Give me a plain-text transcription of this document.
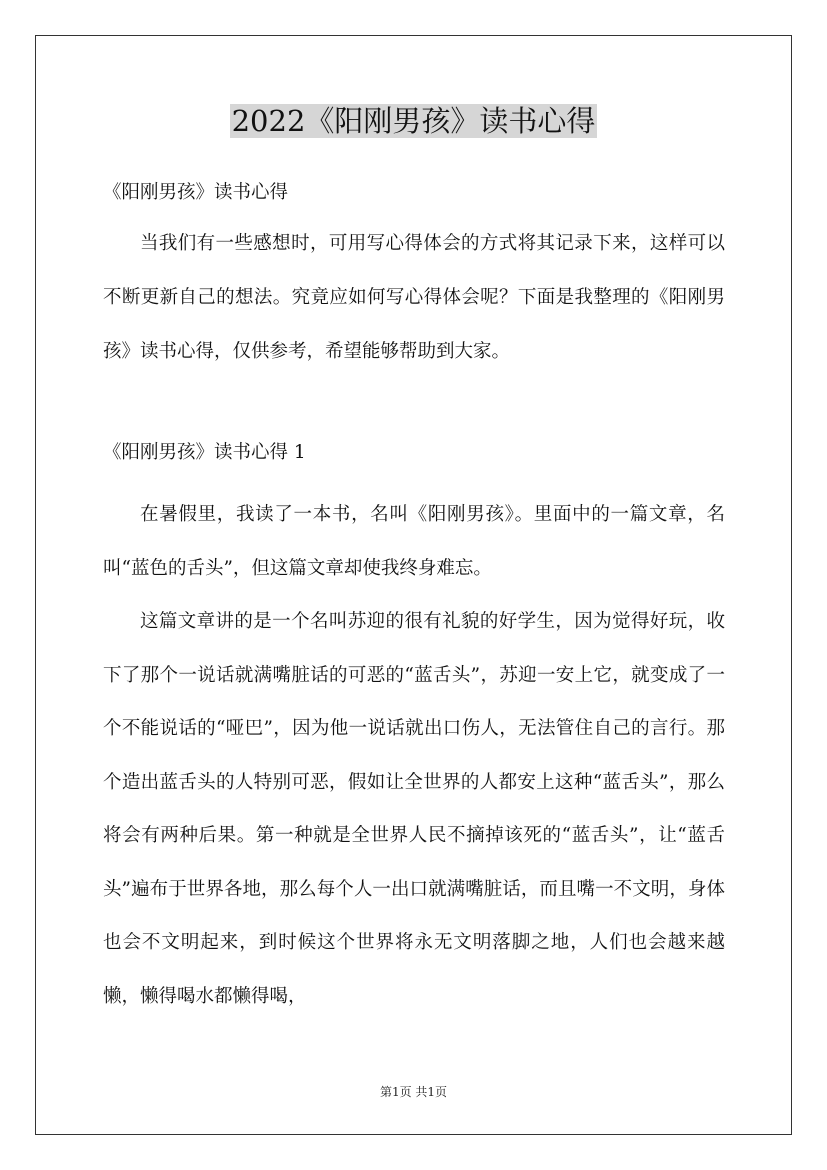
2022《阳刚男孩》读书心得

《阳刚男孩》读书心得

当我们有一些感想时，可用写心得体会的方式将其记录下来，这样可以不断更新自己的想法。究竟应如何写心得体会呢？下面是我整理的《阳刚男孩》读书心得，仅供参考，希望能够帮助到大家。

《阳刚男孩》读书心得 1

在暑假里，我读了一本书，名叫《阳刚男孩》。里面中的一篇文章，名叫“蓝色的舌头”，但这篇文章却使我终身难忘。

这篇文章讲的是一个名叫苏迎的很有礼貌的好学生，因为觉得好玩，收下了那个一说话就满嘴脏话的可恶的“蓝舌头”，苏迎一安上它，就变成了一个不能说话的“哑巴”，因为他一说话就出口伤人，无法管住自己的言行。那个造出蓝舌头的人特别可恶，假如让全世界的人都安上这种“蓝舌头”，那么将会有两种后果。第一种就是全世界人民不摘掉该死的“蓝舌头”，让“蓝舌头”遍布于世界各地，那么每个人一出口就满嘴脏话，而且嘴一不文明，身体也会不文明起来，到时候这个世界将永无文明落脚之地，人们也会越来越懒，懒得喝水都懒得喝，

第1页 共1页
